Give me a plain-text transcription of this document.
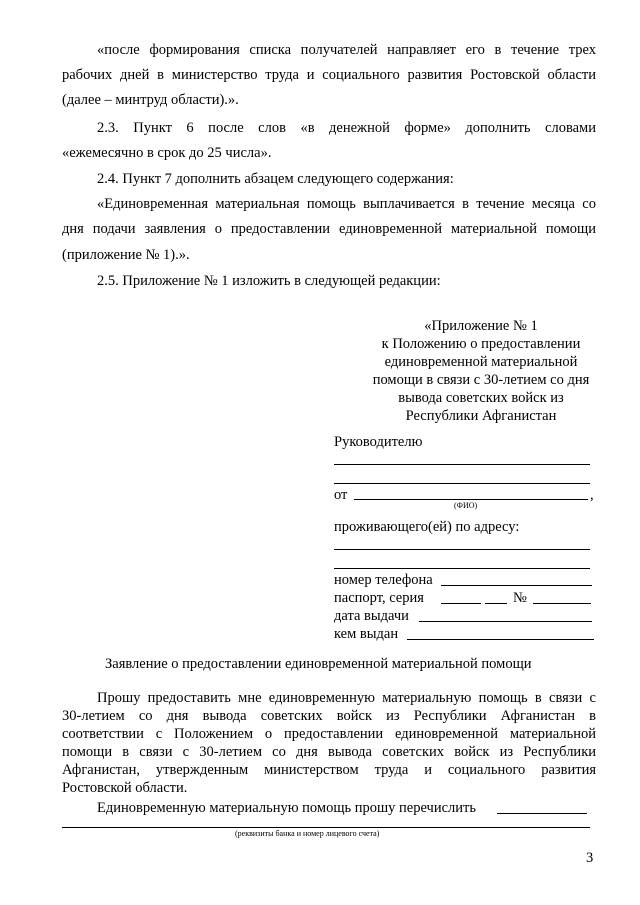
«после формирования списка получателей направляет его в течение трех
рабочих дней в министерство труда и социального развития Ростовской области
(далее – минтруд области).».
2.3. Пункт 6 после слов «в денежной форме» дополнить словами
«ежемесячно в срок до 25 числа».
2.4. Пункт 7 дополнить абзацем следующего содержания:
«Единовременная материальная помощь выплачивается в течение месяца со
дня подачи заявления о предоставлении единовременной материальной помощи
(приложение № 1).».
2.5. Приложение № 1 изложить в следующей редакции:
«Приложение № 1
к Положению о предоставлении
единовременной материальной
помощи в связи с 30-летием со дня
вывода советских войск из
Республики Афганистан
Руководителю
от	,
(ФИО)
проживающего(ей) по адресу:
номер телефона
паспорт, серия	№
дата выдачи
кем выдан
Заявление о предоставлении единовременной материальной помощи
Прошу предоставить мне единовременную материальную помощь в связи с
30-летием со дня вывода советских войск из Республики Афганистан в
соответствии с Положением о предоставлении единовременной материальной
помощи в связи с 30-летием со дня вывода советских войск из Республики
Афганистан, утвержденным министерством труда и социального развития
Ростовской области.
Единовременную материальную помощь прошу перечислить
(реквизиты банка и номер лицевого счета)
3
